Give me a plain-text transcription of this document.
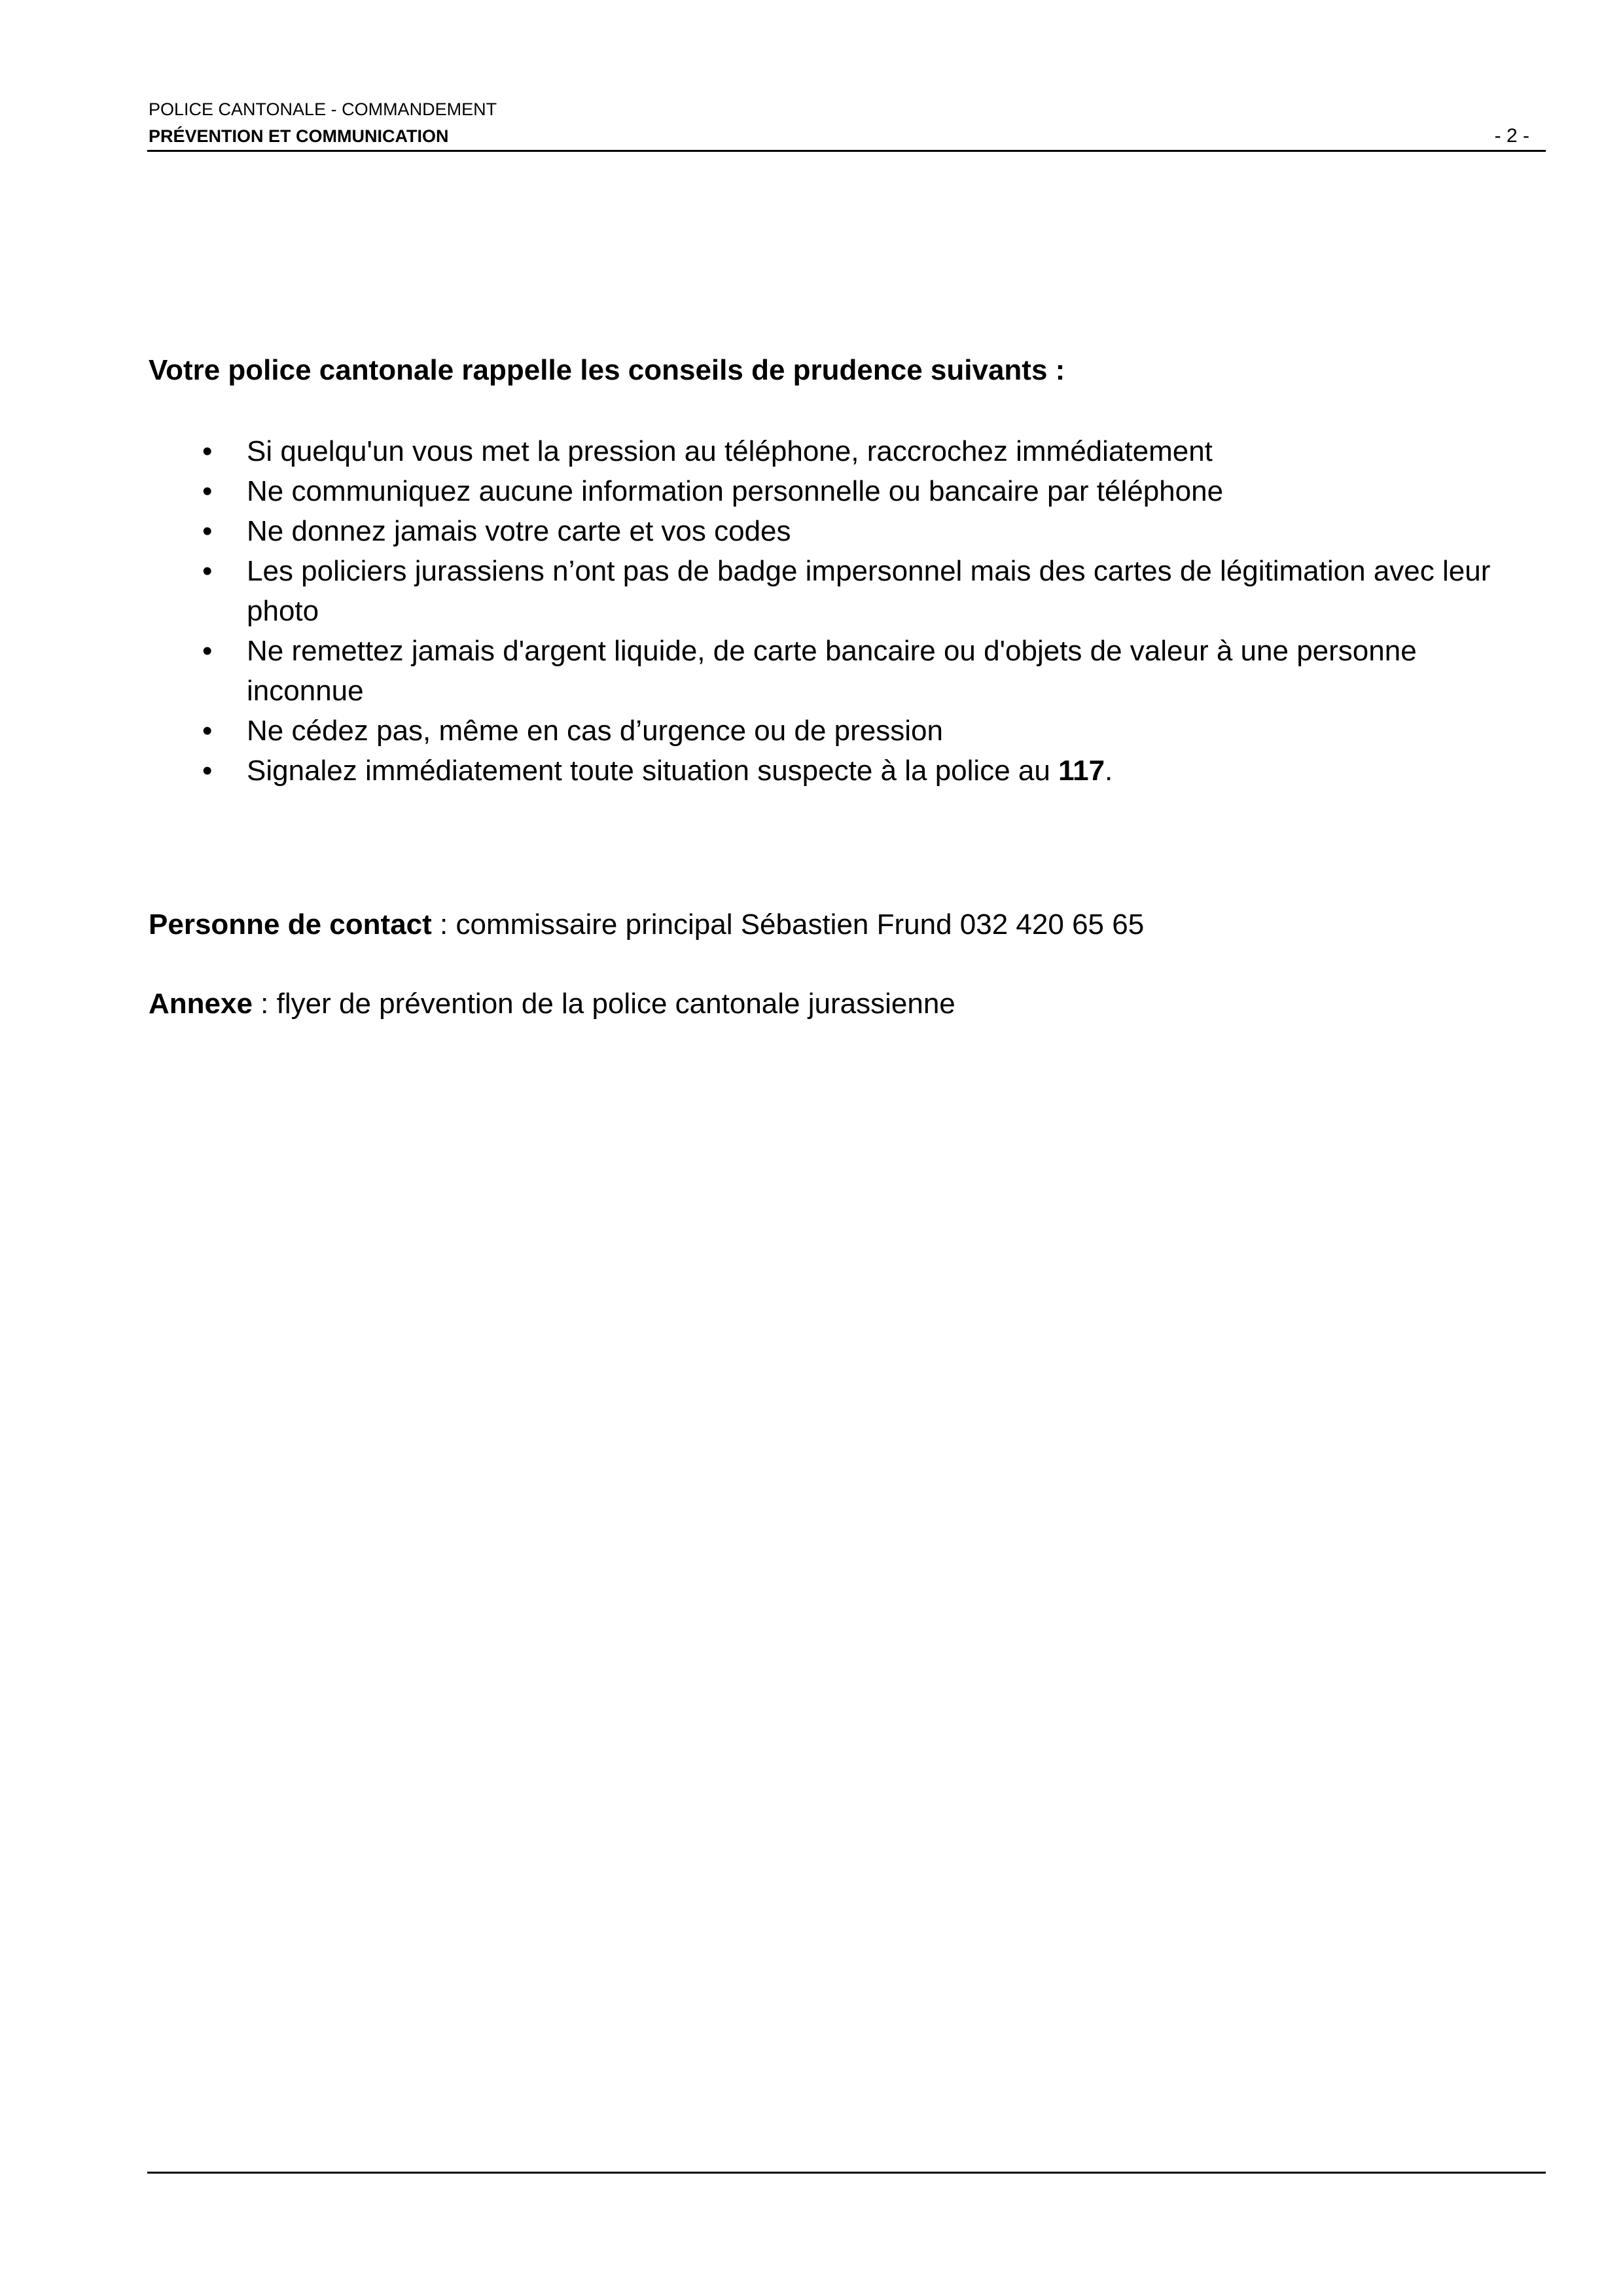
POLICE CANTONALE - COMMANDEMENT
PRÉVENTION ET COMMUNICATION	- 2 -
Votre police cantonale rappelle les conseils de prudence suivants :
• Si quelqu'un vous met la pression au téléphone, raccrochez immédiatement
• Ne communiquez aucune information personnelle ou bancaire par téléphone
• Ne donnez jamais votre carte et vos codes
• Les policiers jurassiens n’ont pas de badge impersonnel mais des cartes de légitimation avec leur photo
• Ne remettez jamais d'argent liquide, de carte bancaire ou d'objets de valeur à une personne inconnue
• Ne cédez pas, même en cas d’urgence ou de pression
• Signalez immédiatement toute situation suspecte à la police au 117.
Personne de contact : commissaire principal Sébastien Frund 032 420 65 65
Annexe : flyer de prévention de la police cantonale jurassienne
